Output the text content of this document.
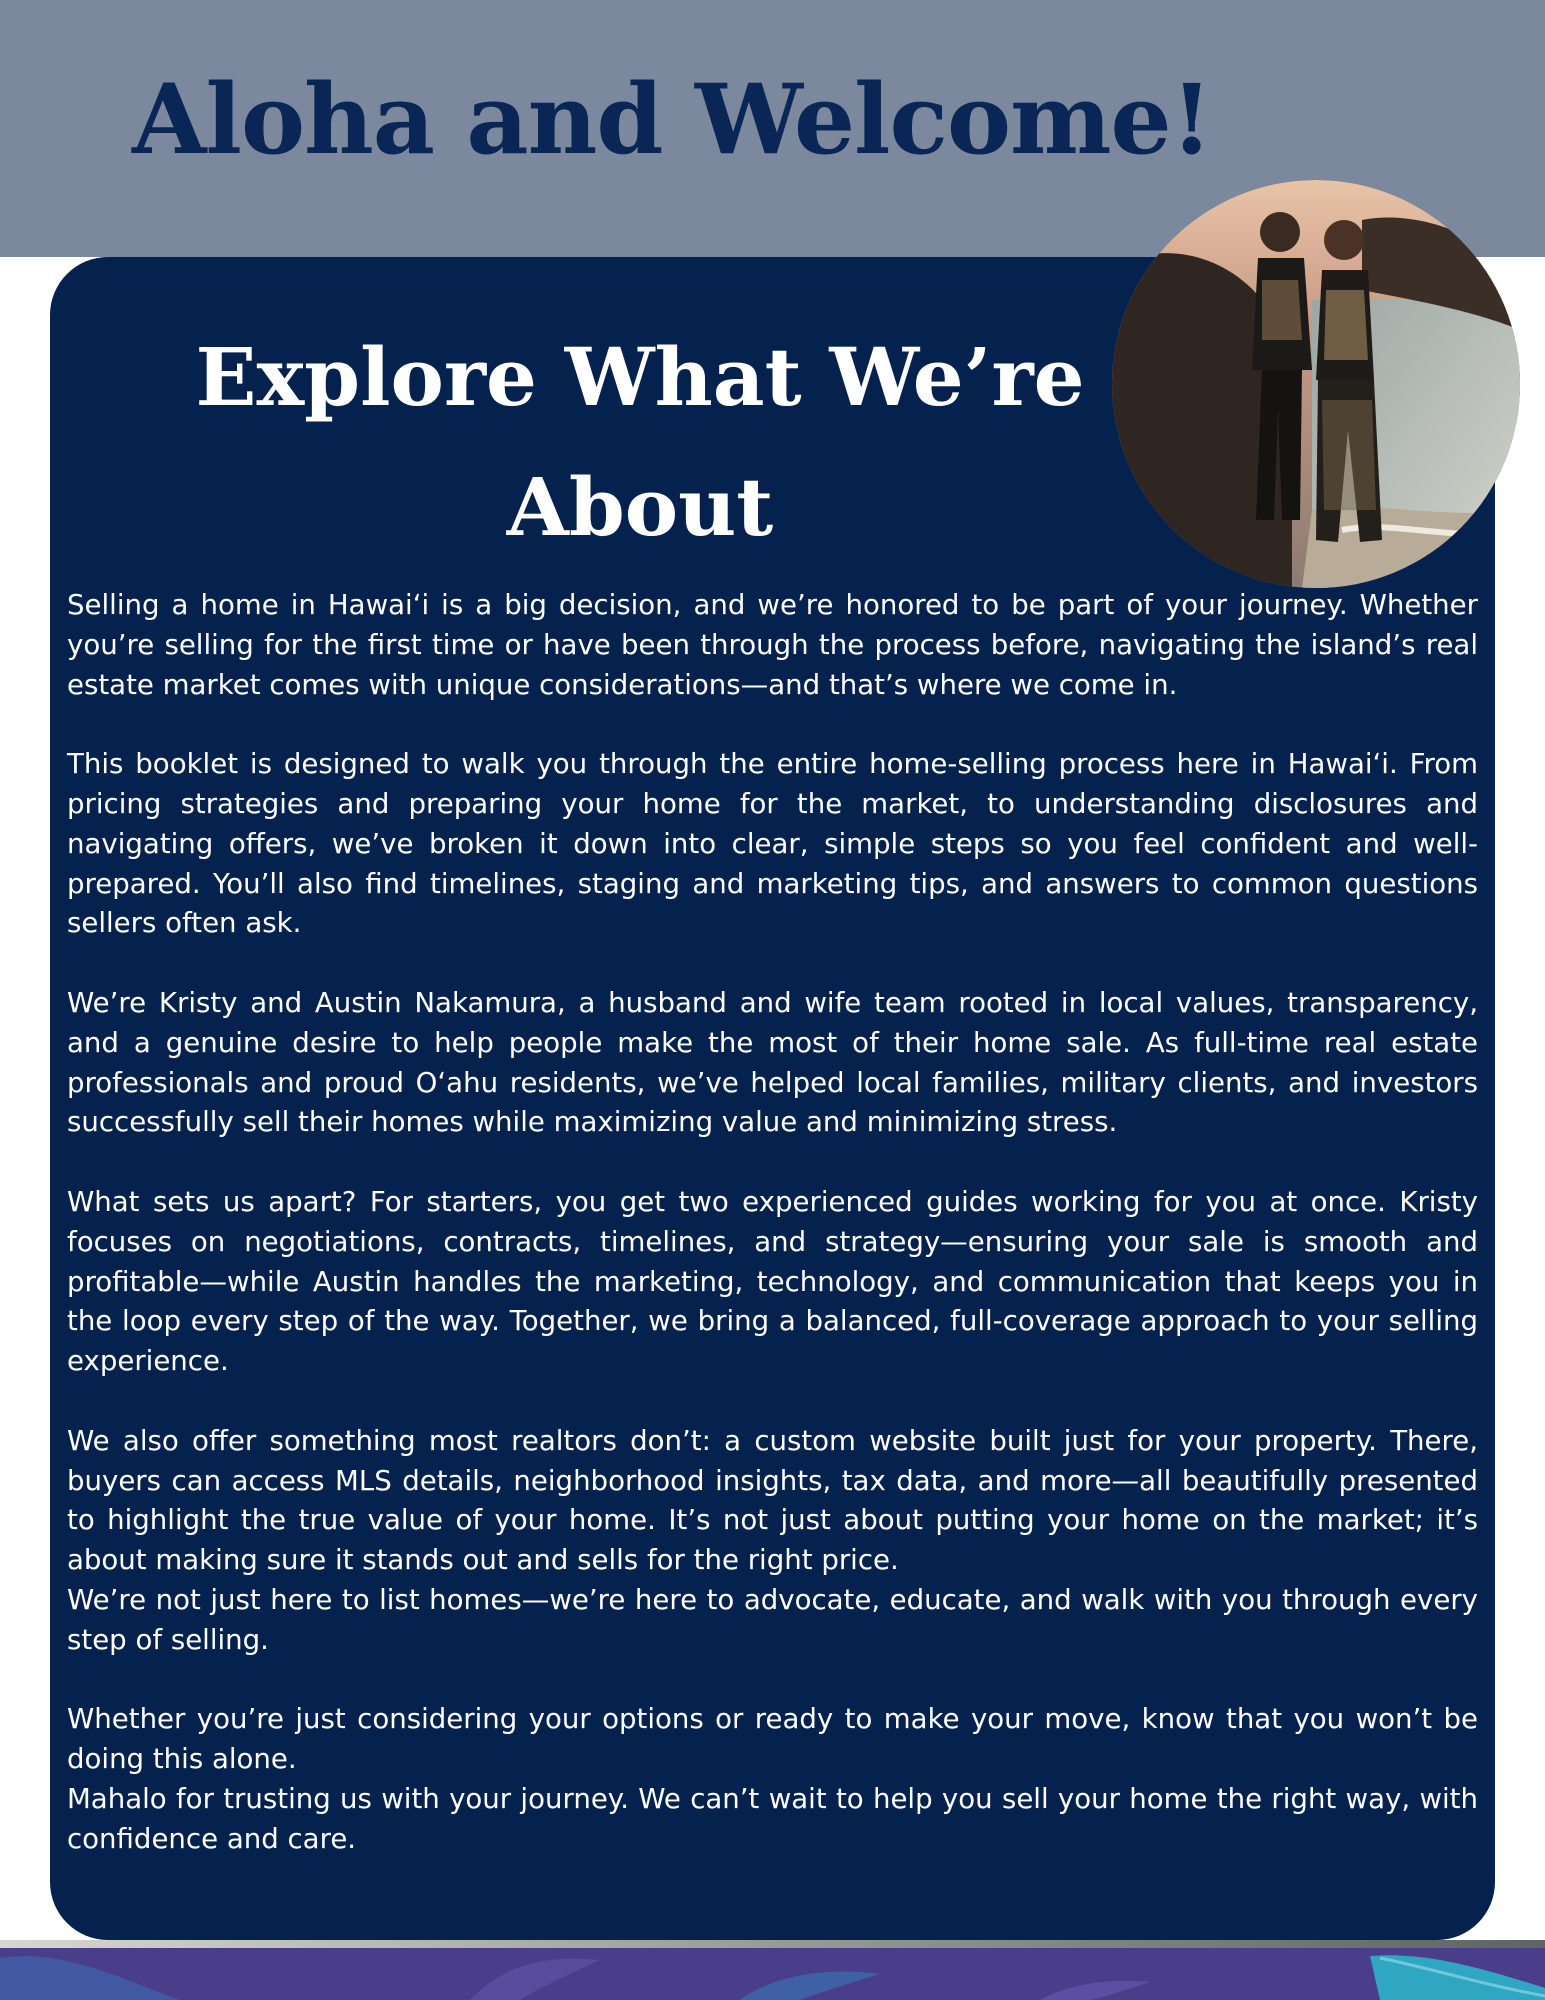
Aloha and Welcome!
Explore What We’re
About

Selling a home in Hawaiʻi is a big decision, and we’re honored to be part of your journey. Whether you’re selling for the first time or have been through the process before, navigating the island’s real estate market comes with unique considerations—and that’s where we come in.

This booklet is designed to walk you through the entire home-selling process here in Hawaiʻi. From pricing strategies and preparing your home for the market, to understanding disclosures and navigating offers, we’ve broken it down into clear, simple steps so you feel confident and well-prepared. You’ll also find timelines, staging and marketing tips, and answers to common questions sellers often ask.

We’re Kristy and Austin Nakamura, a husband and wife team rooted in local values, transparency, and a genuine desire to help people make the most of their home sale. As full-time real estate professionals and proud Oʻahu residents, we’ve helped local families, military clients, and investors successfully sell their homes while maximizing value and minimizing stress.

What sets us apart? For starters, you get two experienced guides working for you at once. Kristy focuses on negotiations, contracts, timelines, and strategy—ensuring your sale is smooth and profitable—while Austin handles the marketing, technology, and communication that keeps you in the loop every step of the way. Together, we bring a balanced, full-coverage approach to your selling experience.

We also offer something most realtors don’t: a custom website built just for your property. There, buyers can access MLS details, neighborhood insights, tax data, and more—all beautifully presented to highlight the true value of your home. It’s not just about putting your home on the market; it’s about making sure it stands out and sells for the right price.

We’re not just here to list homes—we’re here to advocate, educate, and walk with you through every step of selling.

Whether you’re just considering your options or ready to make your move, know that you won’t be doing this alone.

Mahalo for trusting us with your journey. We can’t wait to help you sell your home the right way, with confidence and care.
